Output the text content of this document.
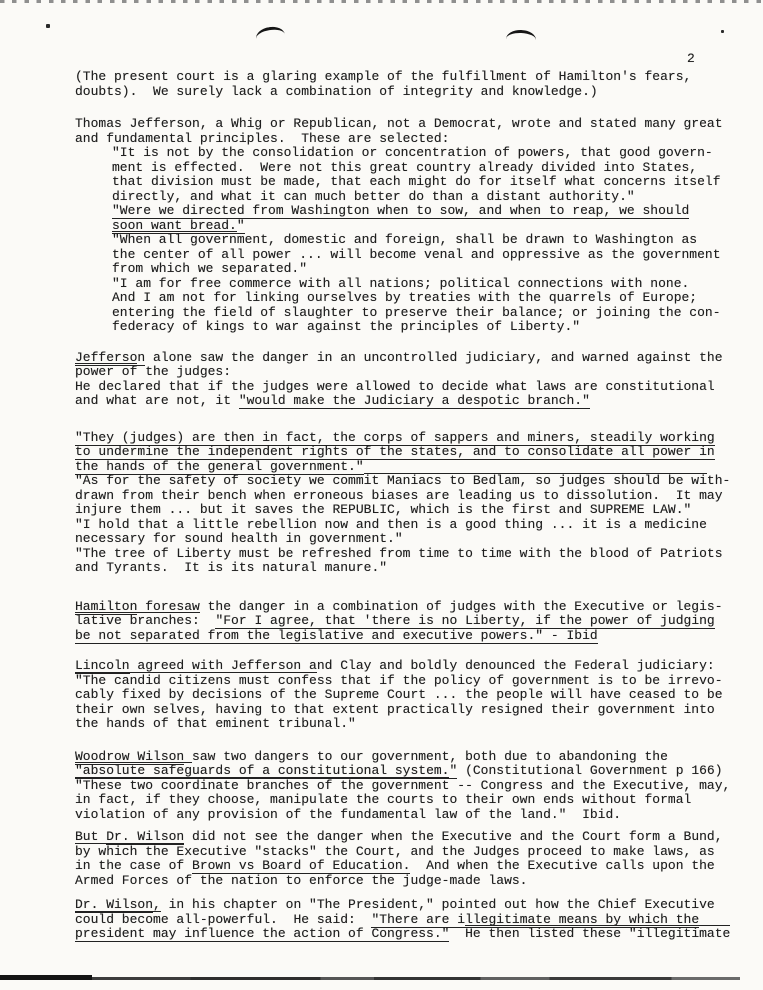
2
(The present court is a glaring example of the fulfillment of Hamilton's fears,
doubts).  We surely lack a combination of integrity and knowledge.)
Thomas Jefferson, a Whig or Republican, not a Democrat, wrote and stated many great
and fundamental principles.  These are selected:
"It is not by the consolidation or concentration of powers, that good govern-
ment is effected.  Were not this great country already divided into States,
that division must be made, that each might do for itself what concerns itself
directly, and what it can much better do than a distant authority."
"Were we directed from Washington when to sow, and when to reap, we should
soon want bread."
"When all government, domestic and foreign, shall be drawn to Washington as
the center of all power ... will become venal and oppressive as the government
from which we separated."
"I am for free commerce with all nations; political connections with none.
And I am not for linking ourselves by treaties with the quarrels of Europe;
entering the field of slaughter to preserve their balance; or joining the con-
federacy of kings to war against the principles of Liberty."
Jefferson alone saw the danger in an uncontrolled judiciary, and warned against the
power of the judges:
He declared that if the judges were allowed to decide what laws are constitutional
and what are not, it "would make the Judiciary a despotic branch."
"They (judges) are then in fact, the corps of sappers and miners, steadily working
to undermine the independent rights of the states, and to consolidate all power in
the hands of the general government."
"As for the safety of society we commit Maniacs to Bedlam, so judges should be with-
drawn from their bench when erroneous biases are leading us to dissolution.  It may
injure them ... but it saves the REPUBLIC, which is the first and SUPREME LAW."
"I hold that a little rebellion now and then is a good thing ... it is a medicine
necessary for sound health in government."
"The tree of Liberty must be refreshed from time to time with the blood of Patriots
and Tyrants.  It is its natural manure."
Hamilton foresaw the danger in a combination of judges with the Executive or legis-
lative branches: "For I agree, that 'there is no Liberty, if the power of judging
be not separated from the legislative and executive powers." - Ibid
Lincoln agreed with Jefferson and Clay and boldly denounced the Federal judiciary:
"The candid citizens must confess that if the policy of government is to be irrevo-
cably fixed by decisions of the Supreme Court ... the people will have ceased to be
their own selves, having to that extent practically resigned their government into
the hands of that eminent tribunal."
Woodrow Wilson saw two dangers to our government, both due to abandoning the
"absolute safeguards of a constitutional system." (Constitutional Government p 166)
"These two coordinate branches of the government -- Congress and the Executive, may,
in fact, if they choose, manipulate the courts to their own ends without formal
violation of any provision of the fundamental law of the land."  Ibid.
But Dr. Wilson did not see the danger when the Executive and the Court form a Bund,
by which the Executive "stacks" the Court, and the Judges proceed to make laws, as
in the case of Brown vs Board of Education.  And when the Executive calls upon the
Armed Forces of the nation to enforce the judge-made laws.
Dr. Wilson, in his chapter on "The President," pointed out how the Chief Executive
could become all-powerful.  He said:  "There are illegitimate means by which the
president may influence the action of Congress." He then listed these "illegitimate
